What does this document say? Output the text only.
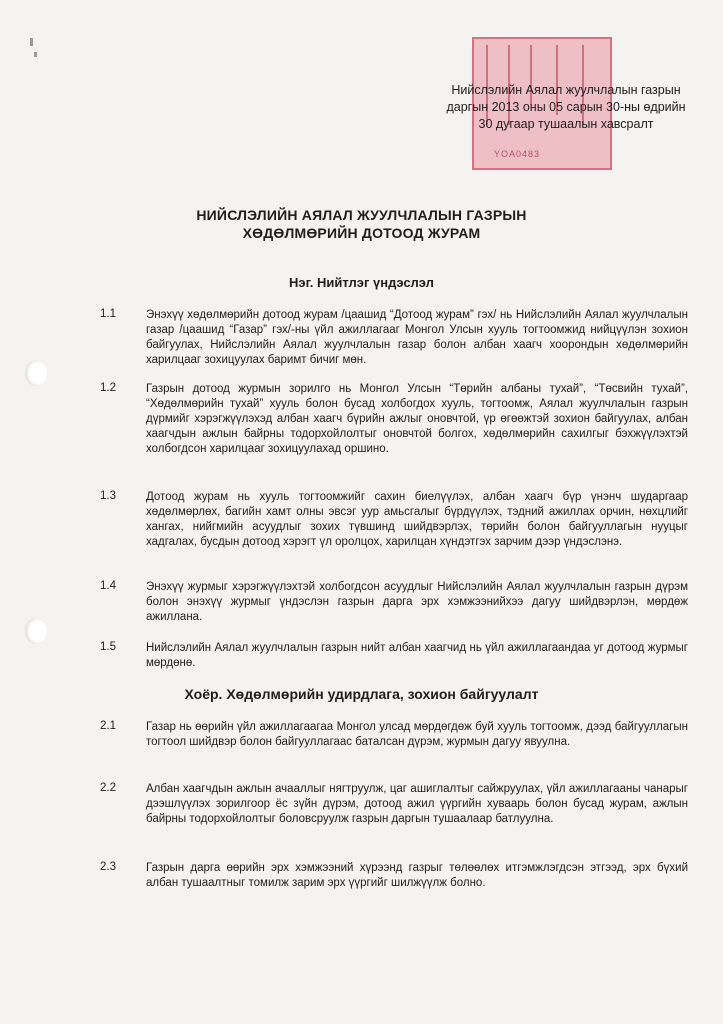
YOA0483
Нийслэлийн Аялал жуулчлалын газрын
даргын 2013 оны 05 сарын 30-ны өдрийн
30 дугаар тушаалын хавсралт
НИЙСЛЭЛИЙН АЯЛАЛ ЖУУЛЧЛАЛЫН ГАЗРЫН
ХӨДӨЛМӨРИЙН ДОТООД ЖУРАМ
Нэг. Нийтлэг үндэслэл
1.1	Энэхүү хөдөлмөрийн дотоод журам /цаашид “Дотоод журам” гэх/ нь Нийслэлийн Аялал жуулчлалын газар /цаашид “Газар” гэх/-ны үйл ажиллагааг Монгол Улсын хууль тогтоомжид нийцүүлэн зохион байгуулах, Нийслэлийн Аялал жуулчлалын газар болон албан хаагч хоорондын хөдөлмөрийн харилцааг зохицуулах баримт бичиг мөн.
1.2	Газрын дотоод журмын зорилго нь Монгол Улсын “Төрийн албаны тухай”, “Төсвийн тухай”, “Хөдөлмөрийн тухай” хууль болон бусад холбогдох хууль, тогтоомж, Аялал жуулчлалын газрын дүрмийг хэрэгжүүлэхэд албан хаагч бүрийн ажлыг оновчтой, үр өгөөжтэй зохион байгуулах, албан хаагчдын ажлын байрны тодорхойлолтыг оновчтой болгох, хөдөлмөрийн сахилгыг бэхжүүлэхтэй холбогдсон харилцааг зохицуулахад оршино.
1.3	Дотоод журам нь хууль тогтоомжийг сахин биелүүлэх, албан хаагч бүр үнэнч шударгаар хөдөлмөрлөх, багийн хамт олны эвсэг уур амьсгалыг бүрдүүлэх, тэдний ажиллах орчин, нөхцлийг хангах, нийгмийн асуудлыг зохих түвшинд шийдвэрлэх, төрийн болон байгууллагын нууцыг хадгалах, бусдын дотоод хэрэгт үл оролцох, харилцан хүндэтгэх зарчим дээр үндэслэнэ.
1.4	Энэхүү журмыг хэрэгжүүлэхтэй холбогдсон асуудлыг Нийслэлийн Аялал жуулчлалын газрын дүрэм болон энэхүү журмыг үндэслэн газрын дарга эрх хэмжээнийхээ дагуу шийдвэрлэн, мөрдөж ажиллана.
1.5	Нийслэлийн Аялал жуулчлалын газрын нийт албан хаагчид нь үйл ажиллагаандаа уг дотоод журмыг мөрдөнө.
Хоёр. Хөдөлмөрийн удирдлага, зохион байгуулалт
2.1	Газар нь өөрийн үйл ажиллагаагаа Монгол улсад мөрдөгдөж буй хууль тогтоомж, дээд байгууллагын тогтоол шийдвэр болон байгууллагаас баталсан дүрэм, журмын дагуу явуулна.
2.2	Албан хаагчдын ажлын ачааллыг нягтруулж, цаг ашиглалтыг сайжруулах, үйл ажиллагааны чанарыг дээшлүүлэх зорилгоор ёс зүйн дүрэм, дотоод ажил үүргийн хуваарь болон бусад журам, ажлын байрны тодорхойлолтыг боловсруулж газрын даргын тушаалаар батлуулна.
2.3	Газрын дарга өөрийн эрх хэмжээний хүрээнд газрыг төлөөлөх итгэмжлэгдсэн этгээд, эрх бүхий албан тушаалтныг томилж зарим эрх үүргийг шилжүүлж болно.
